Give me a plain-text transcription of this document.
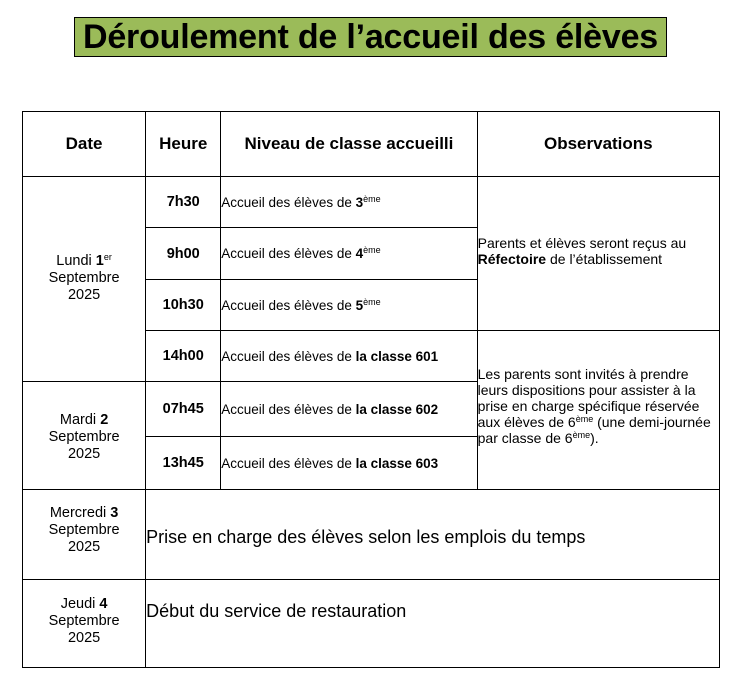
Déroulement de l’accueil des élèves
Date	Heure	Niveau de classe accueilli	Observations

Lundi 1er
Septembre
2025	7h30	Accueil des élèves de 3ème	Parents et élèves seront reçus au
Réfectoire de l’établissement

	9h00	Accueil des élèves de 4ème
	10h30	Accueil des élèves de 5ème
	14h00	Accueil des élèves de la classe 601	Les parents sont invités à prendre leurs dispositions pour assister à la prise en charge spécifique réservée aux élèves de 6ème (une demi-journée par classe de 6ème).

Mardi 2
Septembre
2025	07h45	Accueil des élèves de la classe 602	
	13h45	Accueil des élèves de la classe 603	

Mercredi 3
Septembre
2025	Prise en charge des élèves selon les emplois du temps		

Jeudi 4
Septembre
2025	Début du service de restauration		
